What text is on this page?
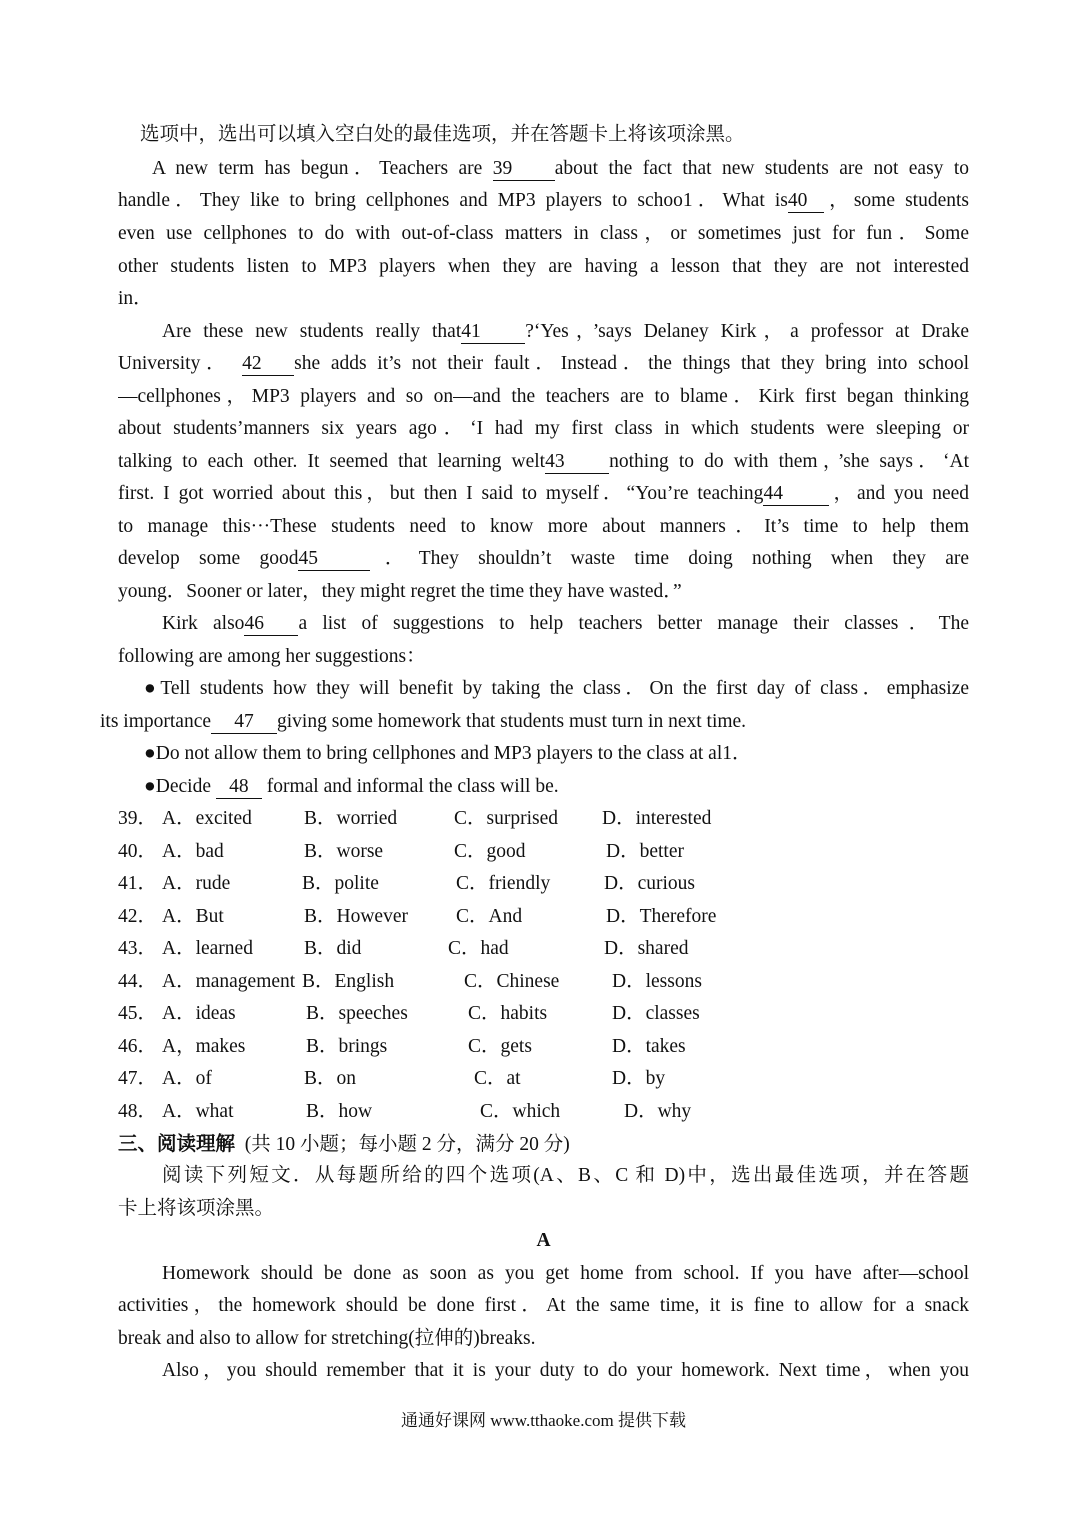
选项中，选出可以填入空白处的最佳选项，并在答题卡上将该项涂黑。
A new term has begun．Teachers are 39 about the fact that new students are not easy to
handle．They like to bring cellphones and MP3 players to schoo1．What is40 ，some students
even use cellphones to do with out-of-class matters in class，or sometimes just for fun．Some
other students listen to MP3 players when they are having a lesson that they are not interested
in．
Are these new students really that41 ?‘Yes，’says Delaney Kirk，a professor at Drake
University． 42 she adds it’s not their fault．Instead．the things that they bring into school
—cellphones，MP3 players and so on—and the teachers are to blame．Kirk first began thinking
about students’manners six years ago．‘I had my first class in which students were sleeping or
talking to each other. It seemed that learning welt43 nothing to do with them，’she says．‘At
first. I got worried about this，but then I said to myself．“You’re teaching44 ，and you need
to manage this···These students need to know more about manners．It’s time to help them
develop some good45	．They shouldn’t waste time doing nothing when they are
young．Sooner or later，they might regret the time they have wasted．”
Kirk also46 a list of suggestions to help teachers better manage their classes．The
following are among her suggestions：
●Tell students how they will benefit by taking the class．On the first day of class．emphasize
its importance 47 giving some homework that students must turn in next time.
●Do not allow them to bring cellphones and MP3 players to the class at al1．
●Decide 48 formal and informal the class will be.
39． A．excited	B．worried	C．surprised D．interested
40． A．bad	B．worse	C．good	D．better
41． A．rude	B．polite	C．friendly	D．curious
42． A．But	B．However C．And	D．Therefore
43． A．learned	B．did	C．had	D．shared
44． A．management B．English	C．Chinese	D．lessons
45． A．ideas	B．speeches	C．habits	D．classes
46． A，makes	B．brings	C．gets	D．takes
47． A．of	B．on	C．at	D．by
48． A．what	B．how	C．which	D．why
三、阅读理解 (共 10 小题；每小题 2 分，满分 20 分)
阅读下列短文．从每题所给的四个选项(A、B、C 和 D)中，选出最佳选项，并在答题
卡上将该项涂黑。
A
Homework should be done as soon as you get home from school. If you have after—school
activities，the homework should be done first．At the same time, it is fine to allow for a snack
break and also to allow for stretching(拉伸的)breaks.
Also，you should remember that it is your duty to do your homework. Next time，when you
通通好课网 www.tthaoke.com 提供下载
